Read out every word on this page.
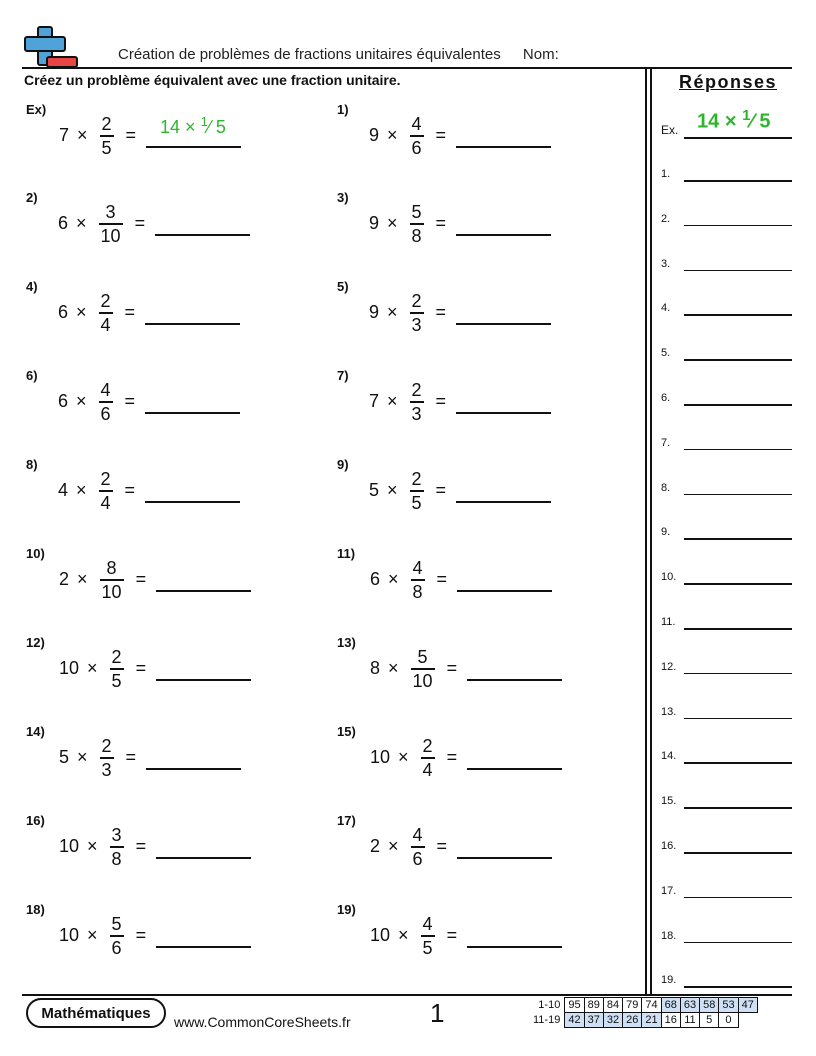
Création de problèmes de fractions unitaires équivalentes Nom:
Créez un problème équivalent avec une fraction unitaire.
Ex)
$7 \times \frac{2}{5} = 14$ × $^1$⁄ 5
1)
$9 \times \frac{4}{6}$ =
2)
$6 \times \frac{3}{10}$ =
3)
$9 \times \frac{5}{8}$ =
4)
$6 \times \frac{2}{4}$ =
5)
$9 \times \frac{2}{3}$ =
6)
$6 \times \frac{4}{6}$ =
7)
$7 \times \frac{2}{3}$ =
8)
$4 \times \frac{2}{4}$ =
9)
$5 \times \frac{2}{5}$ =
10)
$2 \times \frac{8}{10}$ =
11)
$6 \times \frac{4}{8}$ =
12)
$10 \times \frac{2}{5}$ =
13)
$8 \times \frac{5}{10}$ =
14)
$5 \times \frac{2}{3}$ =
15)
$10 \times \frac{2}{4}$ =
16)
$10 \times \frac{3}{8}$ =
17)
$2 \times \frac{4}{6}$ =
18)
$10 \times \frac{5}{6}$ =
19)
$10 \times \frac{4}{5}$ =
Réponses
Ex. 14 × $^1$⁄ 5
1.
2.
3.
4.
5.
6.
7.
8.
9.
10.
11.
12.
13.
14.
15.
16.
17.
18.
19.
Mathématiques
www.CommonCoreSheets.fr	1	1-10	95	89	84	79	74	68	63	58	53	47
11-19	42	37	32	26	21	16	11	5	0	
